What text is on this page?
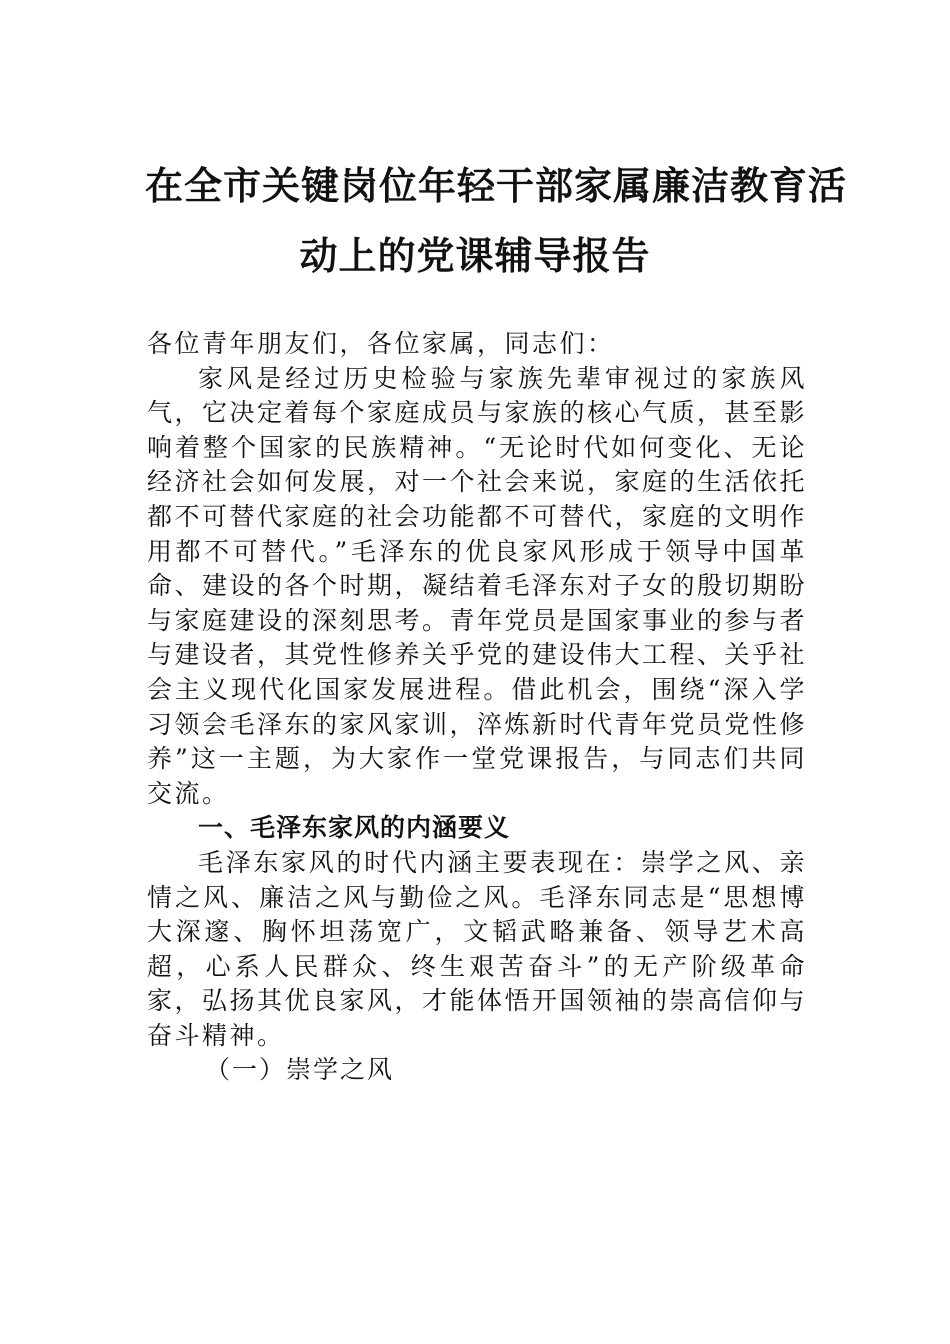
在全市关键岗位年轻干部家属廉洁教育活
动上的党课辅导报告

各位青年朋友们，各位家属，同志们：

家风是经过历史检验与家族先辈审视过的家族风气，它决定着每个家庭成员与家族的核心气质，甚至影响着整个国家的民族精神。“无论时代如何变化、无论经济社会如何发展，对一个社会来说，家庭的生活依托都不可替代家庭的社会功能都不可替代，家庭的文明作用都不可替代。”毛泽东的优良家风形成于领导中国革命、建设的各个时期，凝结着毛泽东对子女的殷切期盼与家庭建设的深刻思考。青年党员是国家事业的参与者与建设者，其党性修养关乎党的建设伟大工程、关乎社会主义现代化国家发展进程。借此机会，围绕“深入学习领会毛泽东的家风家训，淬炼新时代青年党员党性修养”这一主题，为大家作一堂党课报告，与同志们共同交流。

一、毛泽东家风的内涵要义

毛泽东家风的时代内涵主要表现在：崇学之风、亲情之风、廉洁之风与勤俭之风。毛泽东同志是“思想博大深邃、胸怀坦荡宽广，文韬武略兼备、领导艺术高超，心系人民群众、终生艰苦奋斗”的无产阶级革命家，弘扬其优良家风，才能体悟开国领袖的崇高信仰与奋斗精神。

（一）崇学之风
